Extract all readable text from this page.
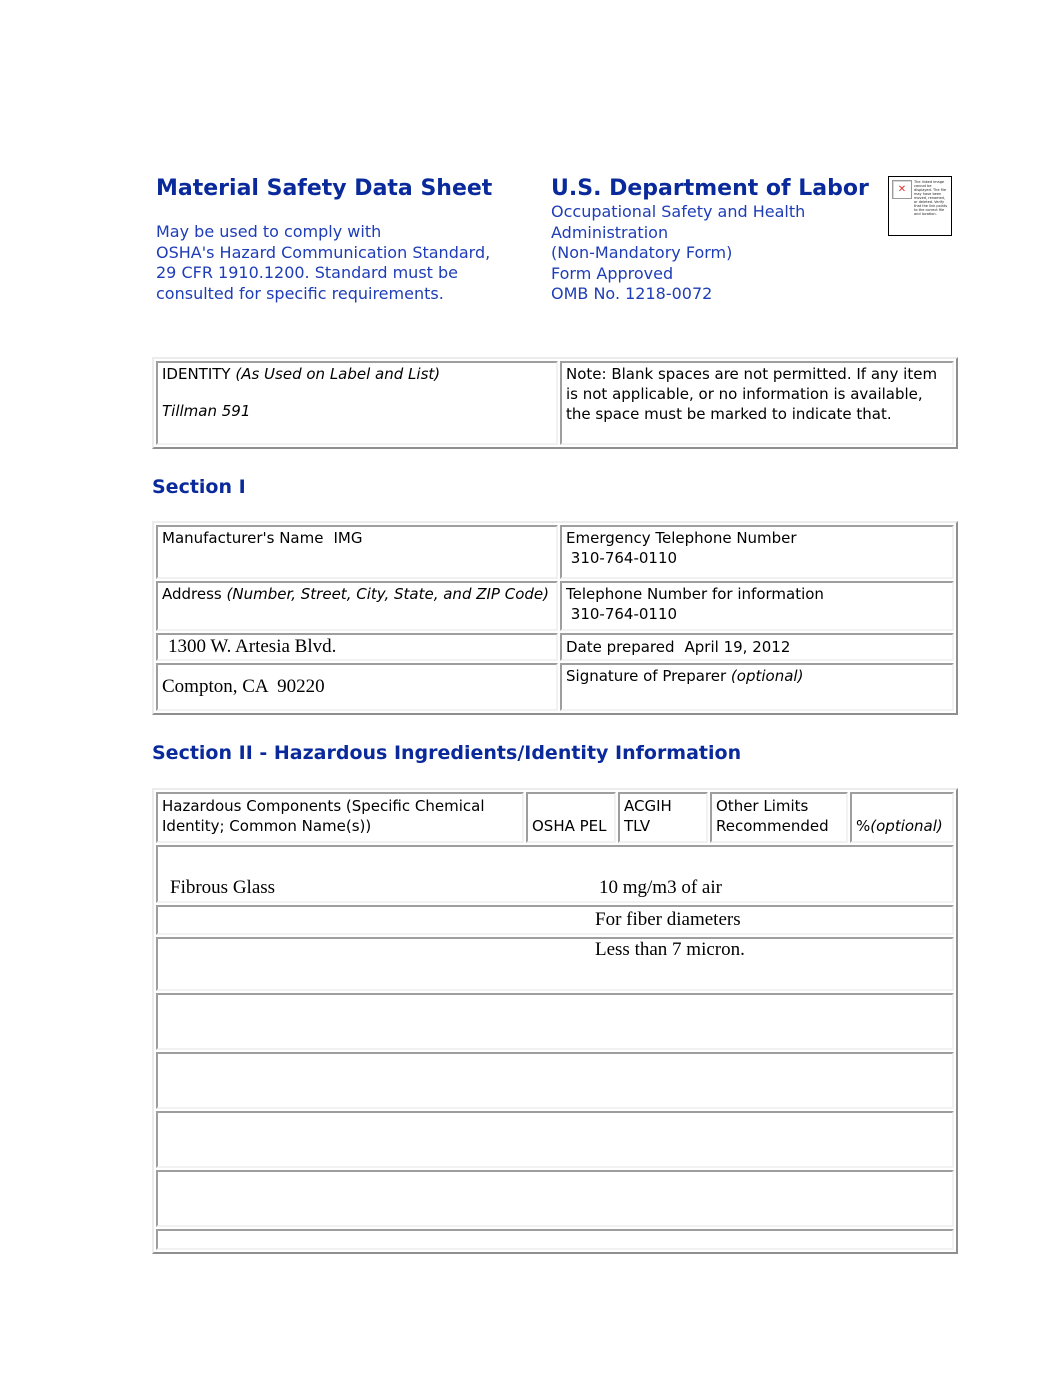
Material Safety Data Sheet
May be used to comply with
OSHA's Hazard Communication Standard,
29 CFR 1910.1200. Standard must be
consulted for specific requirements.
U.S. Department of Labor
Occupational Safety and Health
Administration
(Non-Mandatory Form)
Form Approved
OMB No. 1218-0072
IDENTITY (As Used on Label and List)
Tillman 591

Note: Blank spaces are not permitted. If any item is not applicable, or no information is available, the space must be marked to indicate that.
Section I
Manufacturer's Name IMG	Emergency Telephone Number
310-764-0110

Address (Number, Street, City, State, and ZIP Code)	Telephone Number for information
310-764-0110

1300 W. Artesia Blvd.	Date prepared April 19, 2012
Compton, CA  90220	Signature of Preparer (optional)
Section II - Hazardous Ingredients/Identity Information
Hazardous Components (Specific Chemical Identity; Common Name(s))	OSHA PEL	ACGIH TLV	Other Limits Recommended	%(optional)

Fibrous Glass	10 mg/m3 of air

For fiber diameters

Less than 7 micron.

✕
The linked image cannot be displayed. The file may have been moved, renamed, or deleted. Verify that the link points to the correct file and location.
